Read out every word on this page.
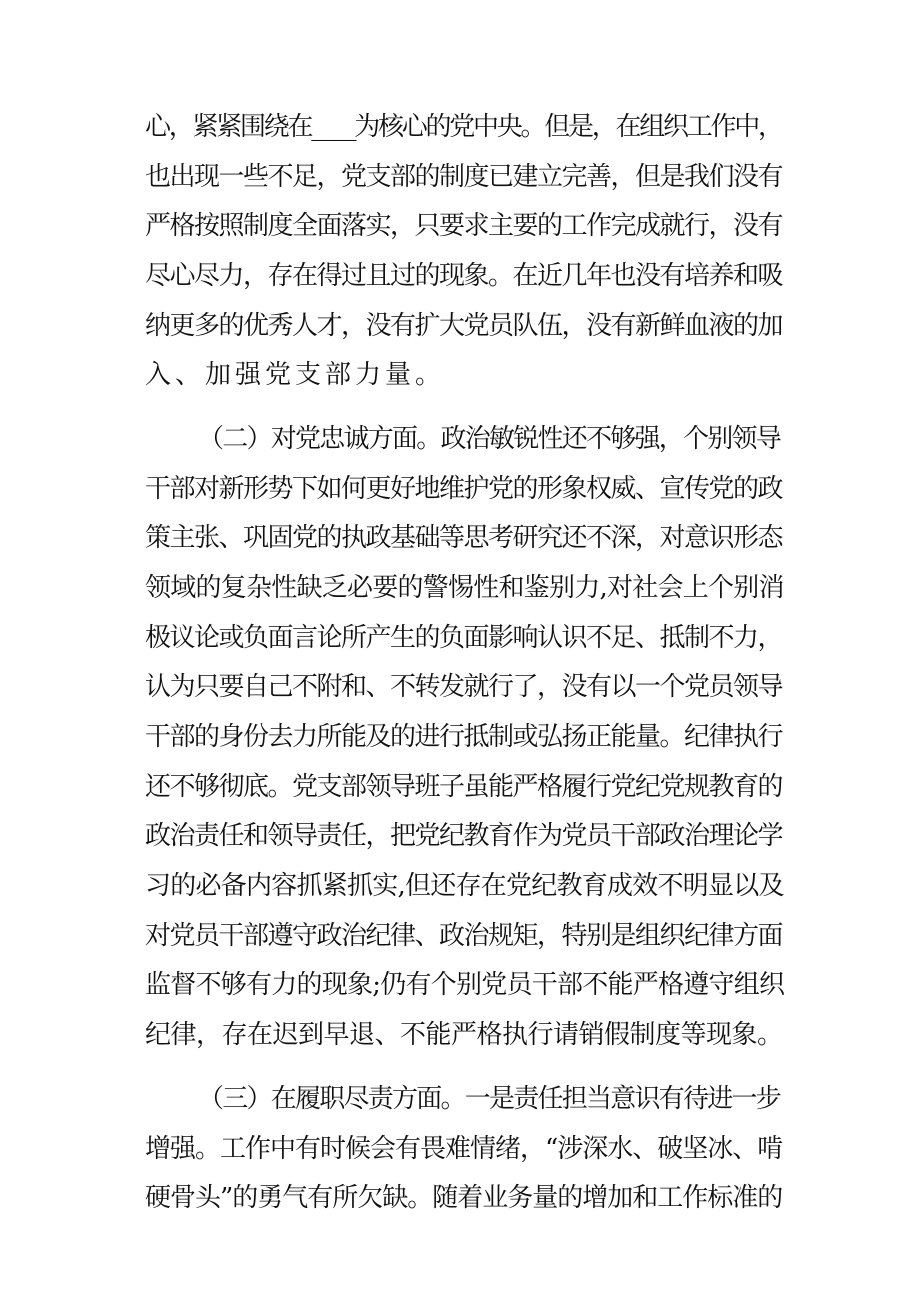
心，紧紧围绕在____为核心的党中央。但是，在组织工作中，
也出现一些不足，党支部的制度已建立完善，但是我们没有
严格按照制度全面落实，只要求主要的工作完成就行，没有
尽心尽力，存在得过且过的现象。在近几年也没有培养和吸
纳更多的优秀人才，没有扩大党员队伍，没有新鲜血液的加
入、加强党支部力量。
（二）对党忠诚方面。政治敏锐性还不够强，个别领导
干部对新形势下如何更好地维护党的形象权威、宣传党的政
策主张、巩固党的执政基础等思考研究还不深，对意识形态
领域的复杂性缺乏必要的警惕性和鉴别力,对社会上个别消
极议论或负面言论所产生的负面影响认识不足、抵制不力，
认为只要自己不附和、不转发就行了，没有以一个党员领导
干部的身份去力所能及的进行抵制或弘扬正能量。纪律执行
还不够彻底。党支部领导班子虽能严格履行党纪党规教育的
政治责任和领导责任，把党纪教育作为党员干部政治理论学
习的必备内容抓紧抓实,但还存在党纪教育成效不明显以及
对党员干部遵守政治纪律、政治规矩，特别是组织纪律方面
监督不够有力的现象;仍有个别党员干部不能严格遵守组织
纪律，存在迟到早退、不能严格执行请销假制度等现象。
（三）在履职尽责方面。一是责任担当意识有待进一步
增强。工作中有时候会有畏难情绪，“涉深水、破坚冰、啃
硬骨头”的勇气有所欠缺。随着业务量的增加和工作标准的
